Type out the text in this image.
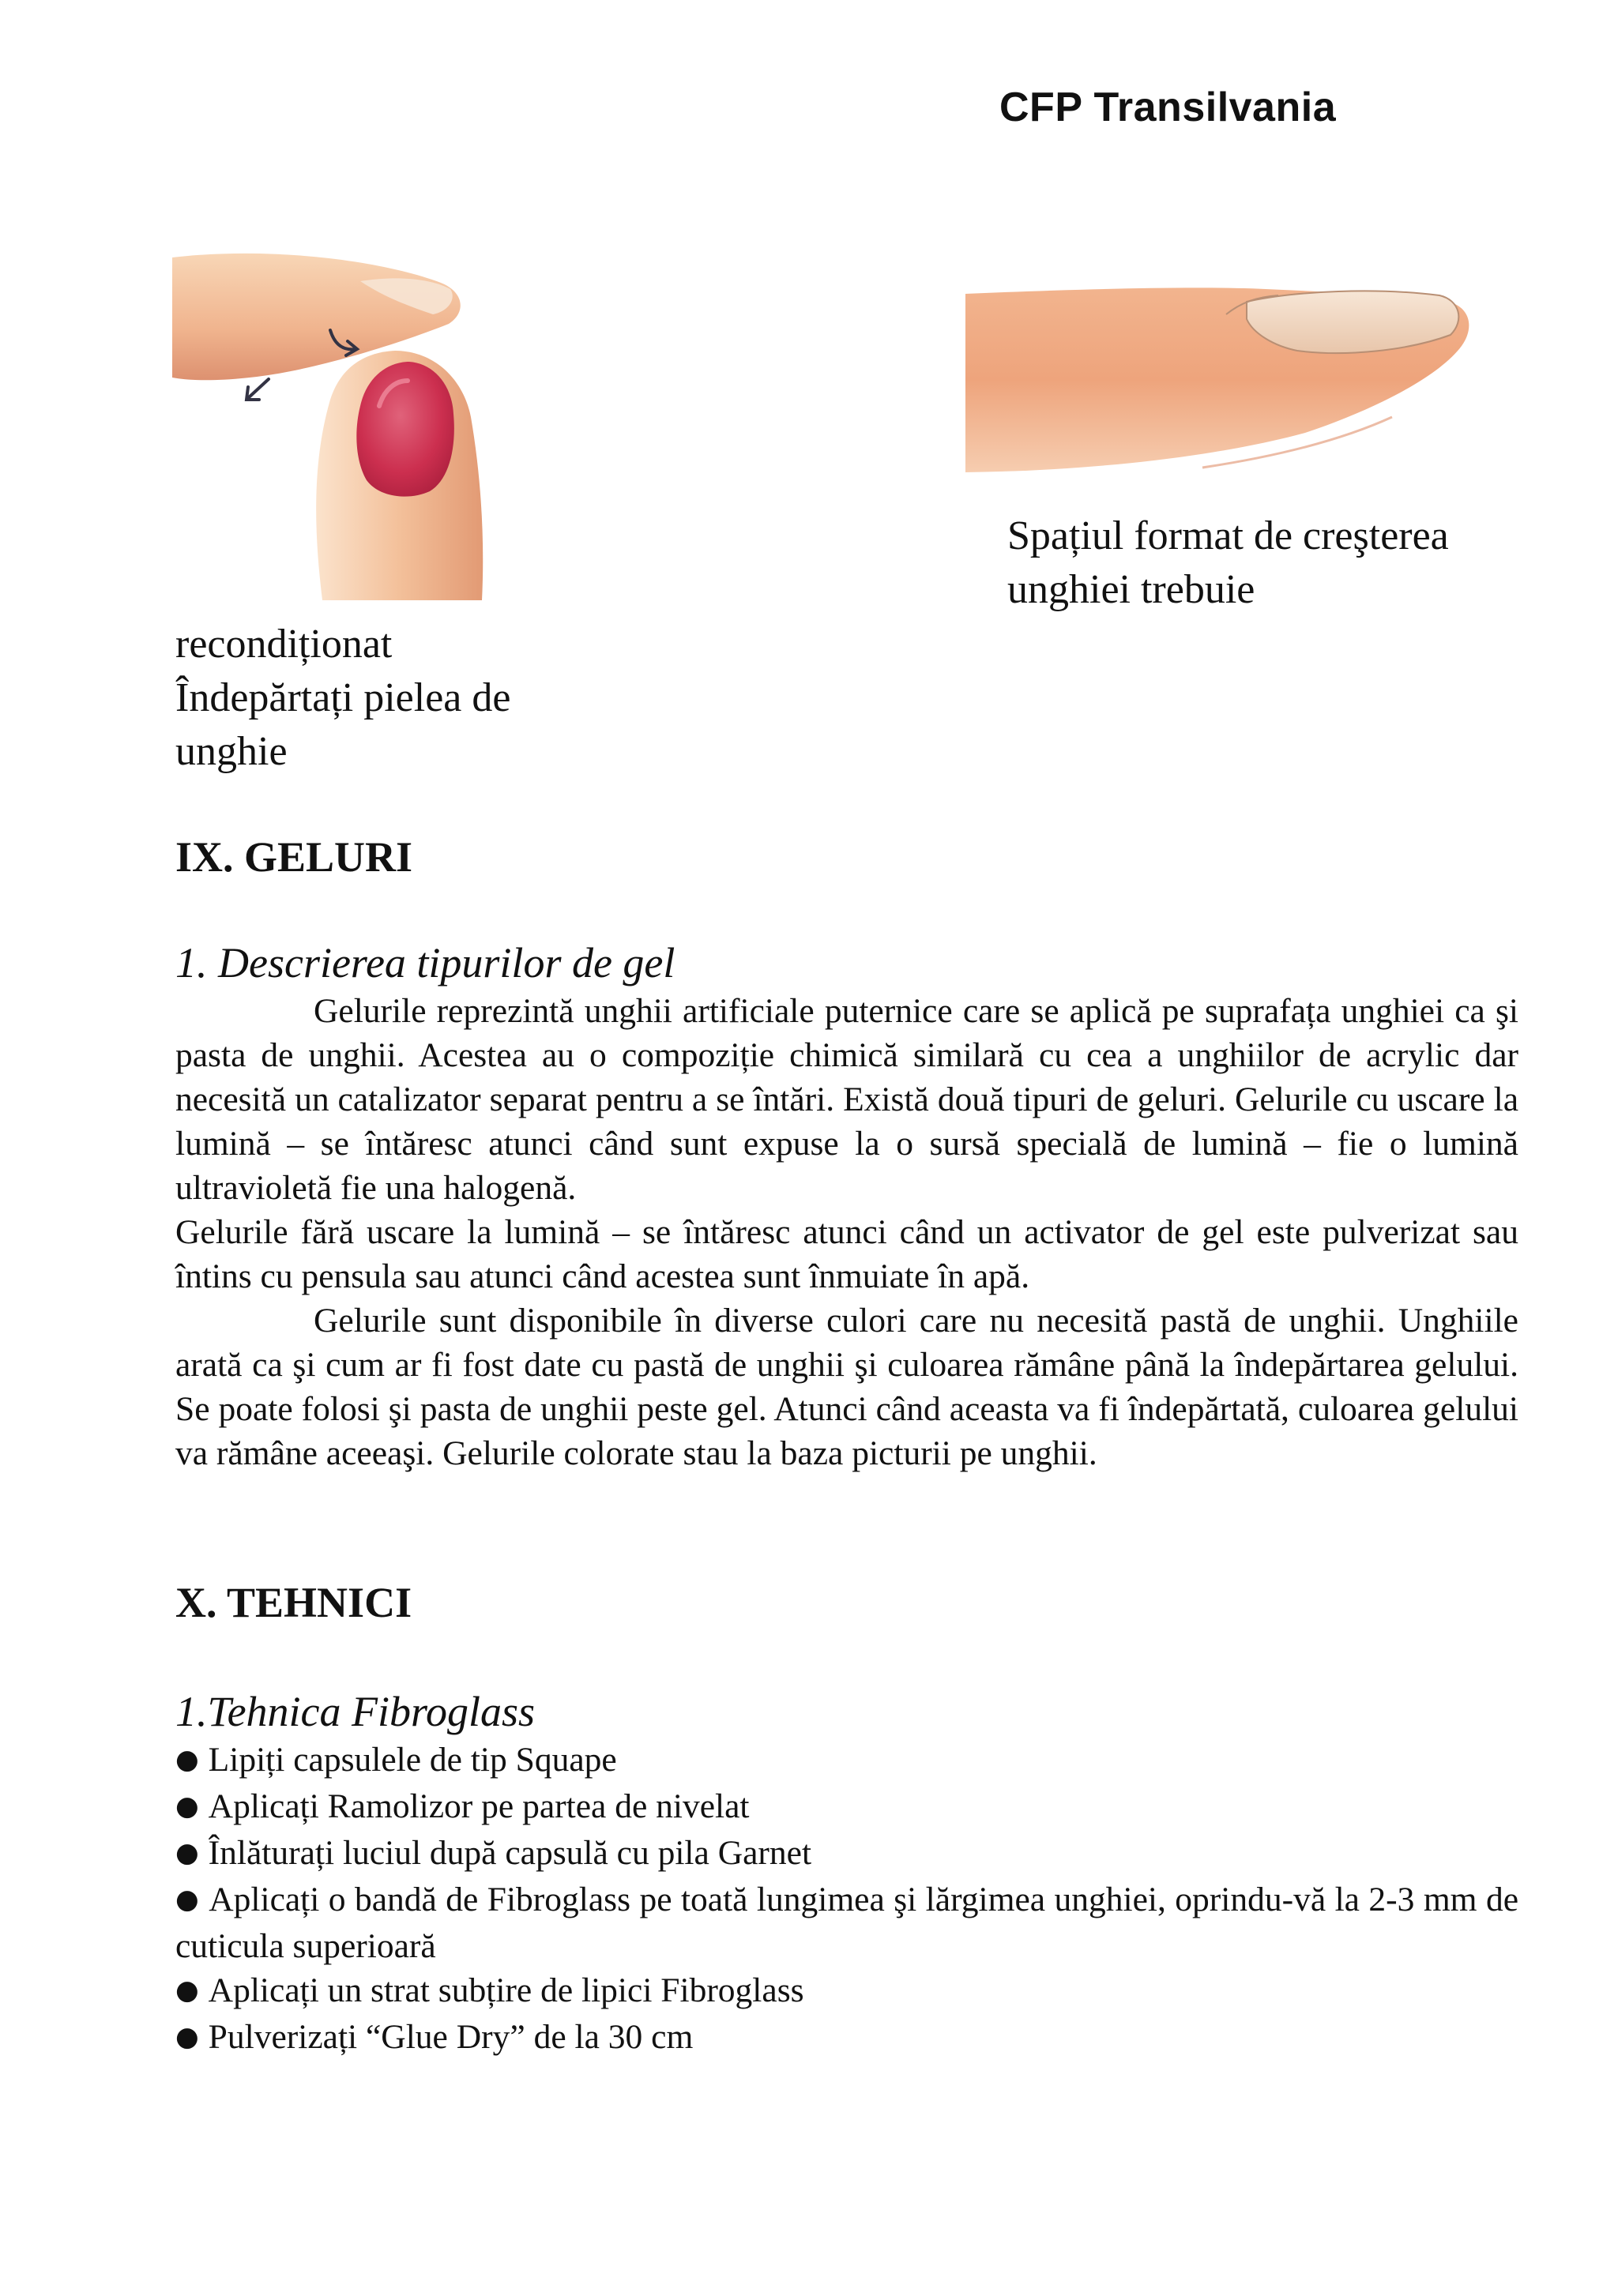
CFP Transilvania
Spațiul format de creşterea
unghiei trebuie
recondiționat
Îndepărtați pielea de
unghie
IX. GELURI
1. Descrierea tipurilor de gel

Gelurile reprezintă unghii artificiale puternice care se aplică pe suprafața unghiei ca şi pasta de unghii. Acestea au o compoziție chimică similară cu cea a unghiilor de acrylic dar necesită un catalizator separat pentru a se întări. Există două tipuri de geluri. Gelurile cu uscare la lumină – se întăresc atunci când sunt expuse la o sursă specială de lumină – fie o lumină ultravioletă fie una halogenă.

Gelurile fără uscare la lumină – se întăresc atunci când un activator de gel este pulverizat sau întins cu pensula sau atunci când acestea sunt înmuiate în apă.

Gelurile sunt disponibile în diverse culori care nu necesită pastă de unghii. Unghiile arată ca şi cum ar fi fost date cu pastă de unghii şi culoarea rămâne până la îndepărtarea gelului. Se poate folosi şi pasta de unghii peste gel. Atunci când aceasta va fi îndepărtată, culoarea gelului va rămâne aceeaşi. Gelurile colorate stau la baza picturii pe unghii.

X. TEHNICI
1.Tehnica Fibroglass
● Lipiți capsulele de tip Squape
● Aplicați Ramolizor pe partea de nivelat
● Înlăturați luciul după capsulă cu pila Garnet
● Aplicați o bandă de Fibroglass pe toată lungimea şi lărgimea unghiei, oprindu-vă la 2-3 mm de cuticula superioară
● Aplicați un strat subțire de lipici Fibroglass
● Pulverizați “Glue Dry” de la 30 cm
